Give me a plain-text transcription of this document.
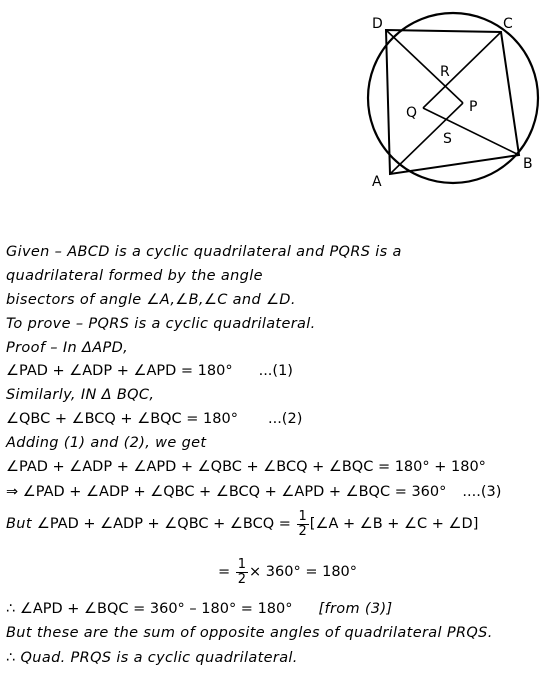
D	C
R
Q	P
S
B
A
Given – ABCD is a cyclic quadrilateral and PQRS is a
quadrilateral formed by the angle
bisectors of angle ∠A,∠B,∠C and ∠D.
To prove – PQRS is a cyclic quadrilateral.
Proof – In ΔAPD,
∠PAD + ∠ADP + ∠APD = 180° ...(1)
Similarly, IN Δ BQC,
∠QBC + ∠BCQ + ∠BQC = 180° ...(2)
Adding (1) and (2), we get
∠PAD + ∠ADP + ∠APD + ∠QBC + ∠BCQ + ∠BQC = 180° + 180°
⇒ ∠PAD + ∠ADP + ∠QBC + ∠BCQ + ∠APD + ∠BQC = 360° ....(3)
But ∠PAD + ∠ADP + ∠QBC + ∠BCQ = $\frac{1}{2}$ [∠A + ∠B + ∠C + ∠D]
= $\frac{1}{2} \times 360^\circ = 180^\circ$
∴ ∠APD + ∠BQC = 360° – 180° = 180° [from (3)]
But these are the sum of opposite angles of quadrilateral PRQS.
∴ Quad. PRQS is a cyclic quadrilateral.
